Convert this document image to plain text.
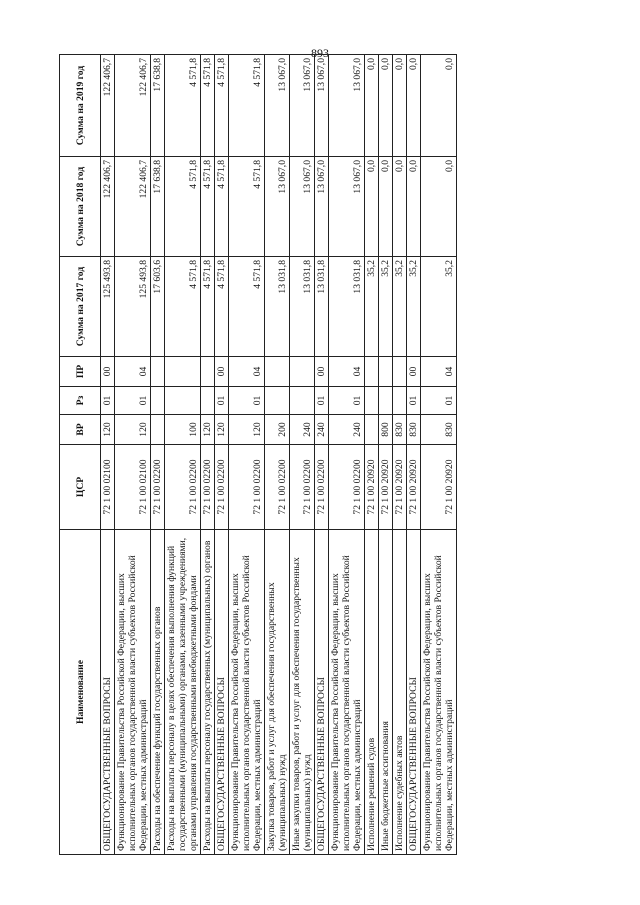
893
Наименование	ЦСР	ВР	Рз	ПР	Сумма на 2017 год	Сумма на 2018 год	Сумма на 2019 год
ОБЩЕГОСУДАРСТВЕННЫЕ ВОПРОСЫ	72 1 00 02100	120	01	00	125 493,8	122 406,7	122 406,7
Функционирование Правительства Российской Федерации, высших исполнительных органов государственной власти субъектов Российской Федерации, местных администраций	72 1 00 02100	120	01	04	125 493,8	122 406,7	122 406,7
Расходы на обеспечение функций государственных органов	72 1 00 02200				17 603,6	17 638,8	17 638,8
Расходы на выплаты персоналу в целях обеспечения выполнения функций государственными (муниципальными) органами, казенными учреждениями, органами управления государственными внебюджетными фондами	72 1 00 02200	100			4 571,8	4 571,8	4 571,8
Расходы на выплаты персоналу государственных (муниципальных) органов	72 1 00 02200	120			4 571,8	4 571,8	4 571,8
ОБЩЕГОСУДАРСТВЕННЫЕ ВОПРОСЫ	72 1 00 02200	120	01	00	4 571,8	4 571,8	4 571,8
Функционирование Правительства Российской Федерации, высших исполнительных органов государственной власти субъектов Российской Федерации, местных администраций	72 1 00 02200	120	01	04	4 571,8	4 571,8	4 571,8
Закупка товаров, работ и услуг для обеспечения государственных (муниципальных) нужд	72 1 00 02200	200			13 031,8	13 067,0	13 067,0
Иные закупки товаров, работ и услуг для обеспечения государственных (муниципальных) нужд	72 1 00 02200	240			13 031,8	13 067,0	13 067,0
ОБЩЕГОСУДАРСТВЕННЫЕ ВОПРОСЫ	72 1 00 02200	240	01	00	13 031,8	13 067,0	13 067,0
Функционирование Правительства Российской Федерации, высших исполнительных органов государственной власти субъектов Российской Федерации, местных администраций	72 1 00 02200	240	01	04	13 031,8	13 067,0	13 067,0
Исполнение решений судов	72 1 00 20920				35,2	0,0	0,0
Иные бюджетные ассигнования	72 1 00 20920	800			35,2	0,0	0,0
Исполнение судебных актов	72 1 00 20920	830			35,2	0,0	0,0
ОБЩЕГОСУДАРСТВЕННЫЕ ВОПРОСЫ	72 1 00 20920	830	01	00	35,2	0,0	0,0
Функционирование Правительства Российской Федерации, высших исполнительных органов государственной власти субъектов Российской Федерации, местных администраций	72 1 00 20920	830	01	04	35,2	0,0	0,0
